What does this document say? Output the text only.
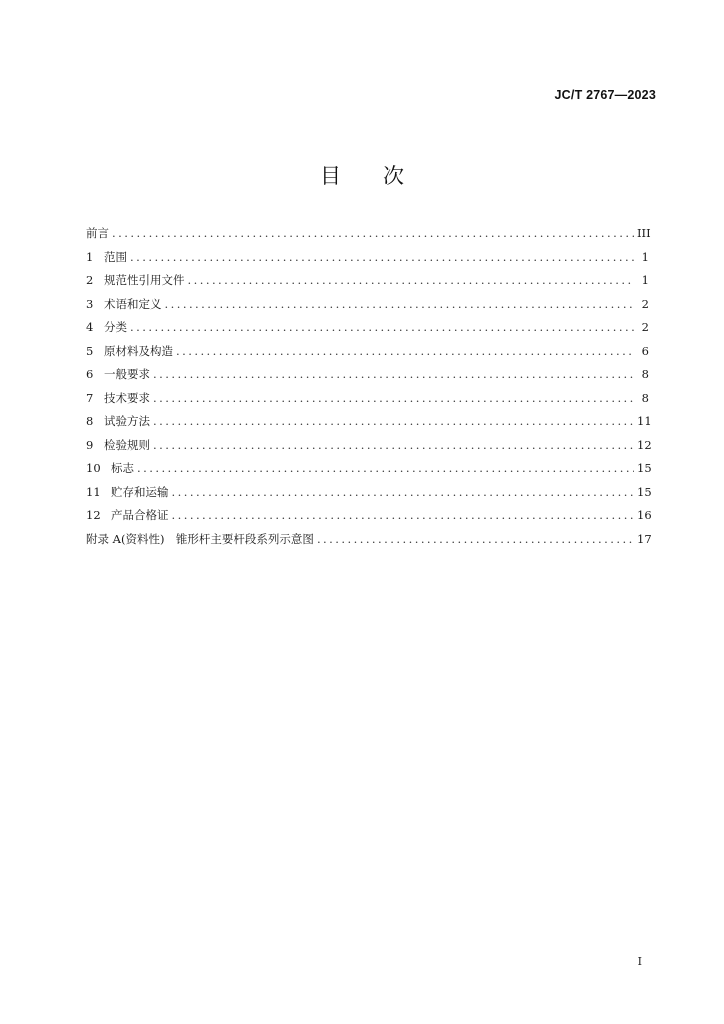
JC/T 2767—2023
目 次
前言 . . .	III
1 范围 . . .	1
2 规范性引用文件 . . .	1
3 术语和定义 . . .	2
4 分类 . . .	2
5 原材料及构造 . . .	6
6 一般要求 . . .	8
7 技术要求 . . .	8
8 试验方法 . . .	11
9 检验规则 . . .	12
10 标志 . . .	15
11 贮存和运输 . . .	15
12 产品合格证 . . .	16
附录 A(资料性)　锥形杆主要杆段系列示意图 . . .	17
I
